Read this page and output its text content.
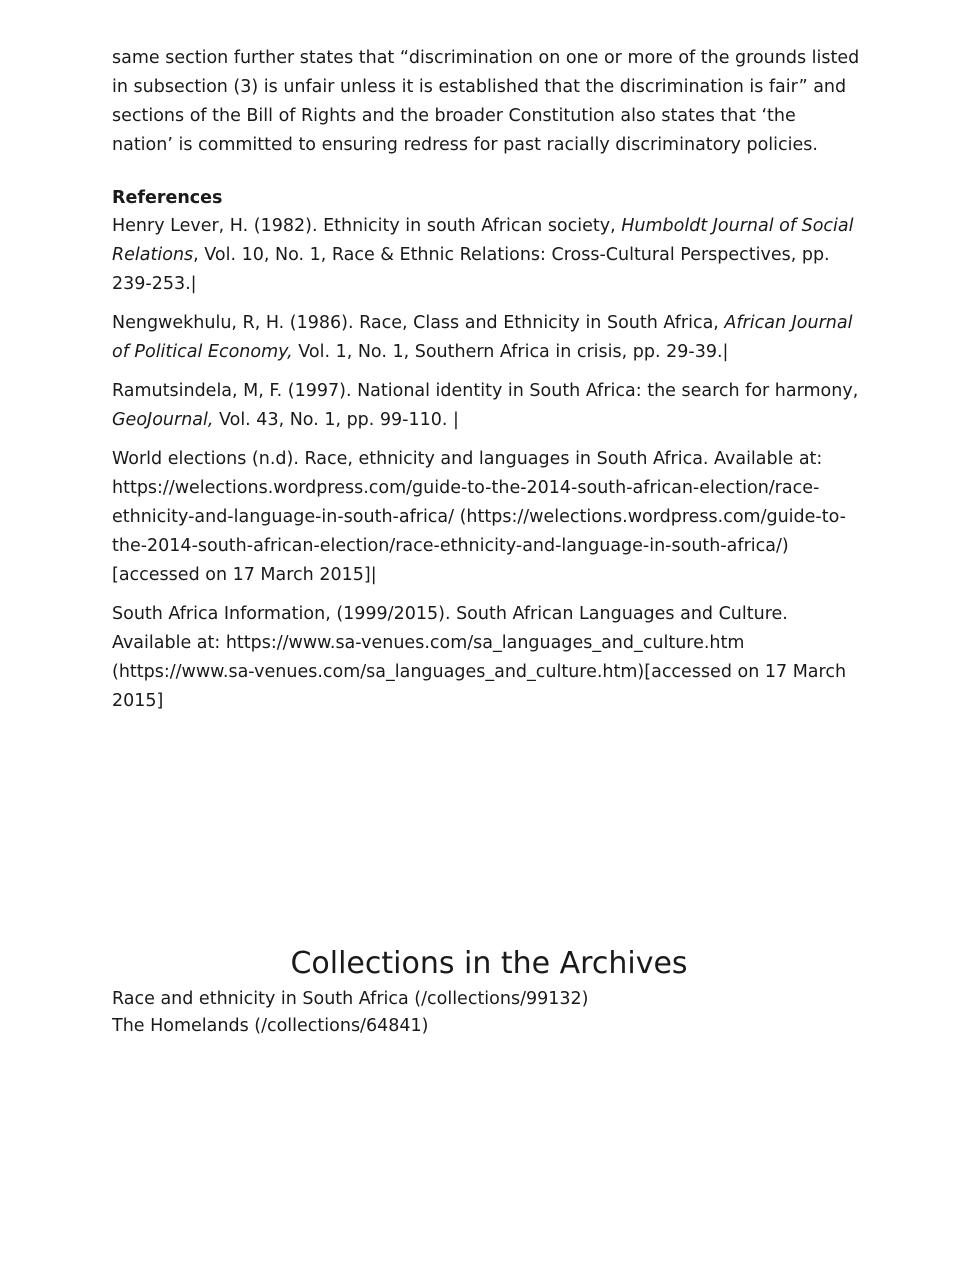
same section further states that “discrimination on one or more of the grounds listed in subsection (3) is unfair unless it is established that the discrimination is fair” and sections of the Bill of Rights and the broader Constitution also states that ‘the nation’ is committed to ensuring redress for past racially discriminatory policies.

References
Henry Lever, H. (1982). Ethnicity in south African society, Humboldt Journal of Social Relations, Vol. 10, No. 1, Race & Ethnic Relations: Cross-Cultural Perspectives, pp. 239-253.|
Nengwekhulu, R, H. (1986). Race, Class and Ethnicity in South Africa, African Journal of Political Economy, Vol. 1, No. 1, Southern Africa in crisis, pp. 29-39.|
Ramutsindela, M, F. (1997). National identity in South Africa: the search for harmony, GeoJournal, Vol. 43, No. 1, pp. 99-110. |
World elections (n.d). Race, ethnicity and languages in South Africa. Available at: https://welections.wordpress.com/guide-to-the-2014-south-african-election/race-ethnicity-and-language-in-south-africa/ (https://welections.wordpress.com/guide-to-the-2014-south-african-election/race-ethnicity-and-language-in-south-africa/) [accessed on 17 March 2015]|
South Africa Information, (1999/2015). South African Languages and Culture. Available at: https://www.sa-venues.com/sa_languages_and_culture.htm (https://www.sa-venues.com/sa_languages_and_culture.htm)[accessed on 17 March 2015]
Collections in the Archives
Race and ethnicity in South Africa (/collections/99132)
The Homelands (/collections/64841)
